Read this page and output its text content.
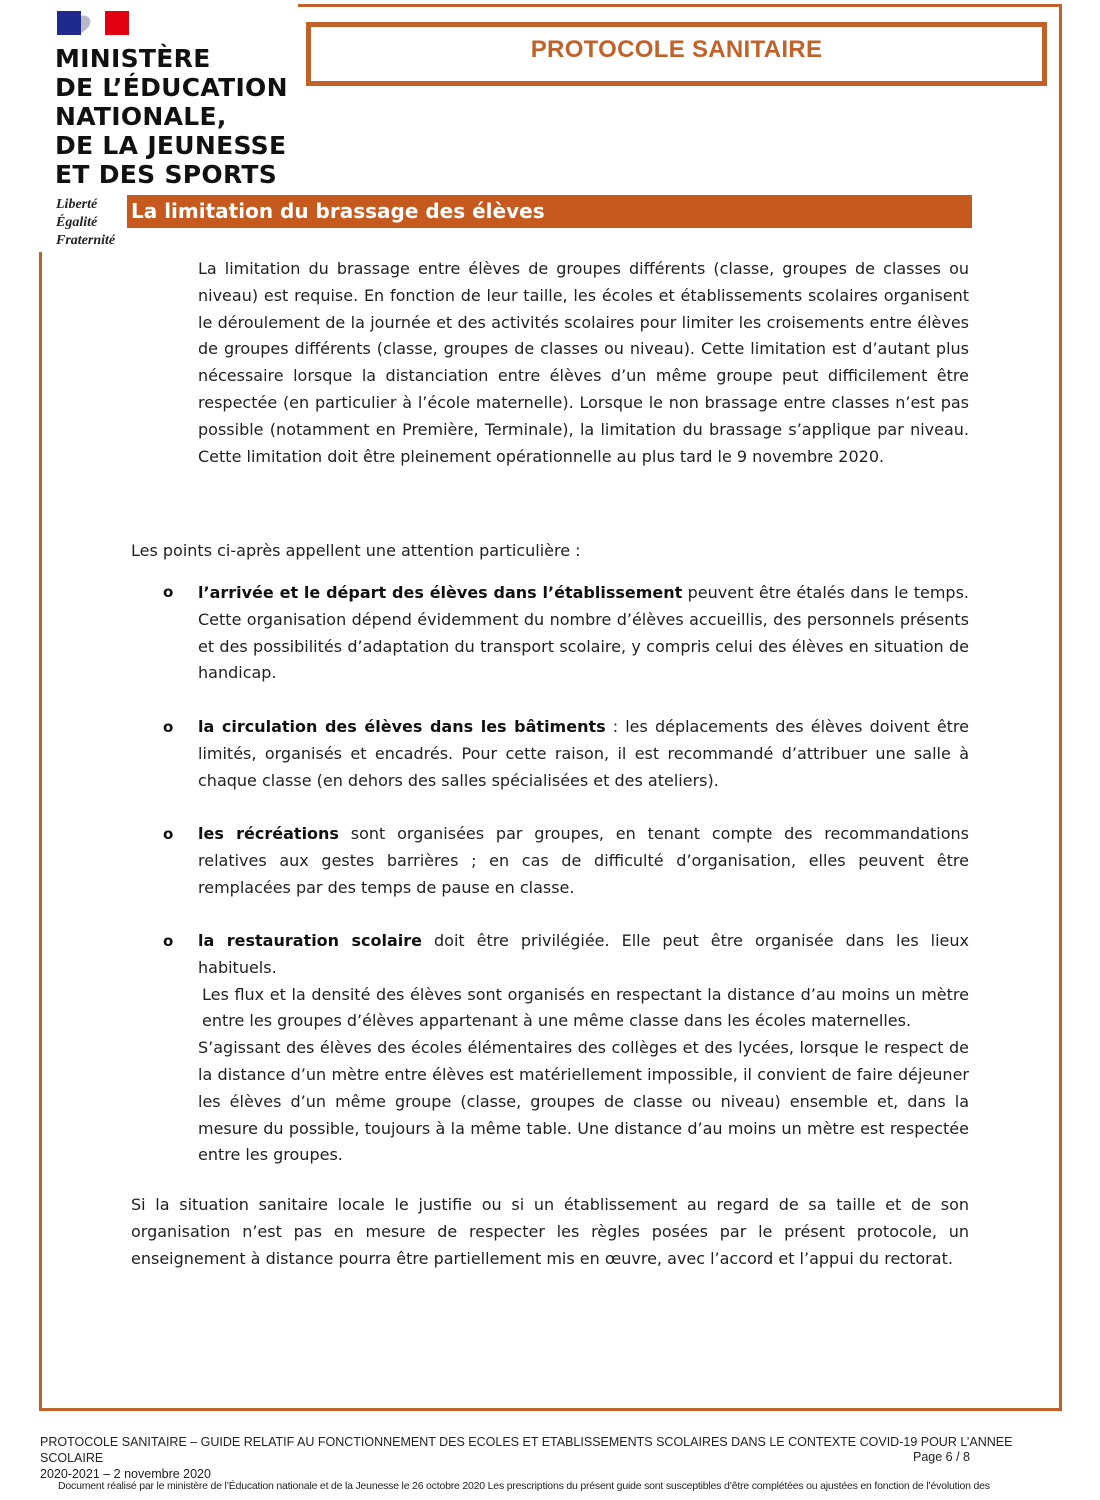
MINISTÈRE
DE L’ÉDUCATION
NATIONALE,
DE LA JEUNESSE
ET DES SPORTS
Liberté
Égalité
Fraternité
PROTOCOLE SANITAIRE
La limitation du brassage des élèves
La limitation du brassage entre élèves de groupes différents (classe, groupes de classes ou niveau) est requise. En fonction de leur taille, les écoles et établissements scolaires organisent le déroulement de la journée et des activités scolaires pour limiter les croisements entre élèves de groupes différents (classe, groupes de classes ou niveau). Cette limitation est d’autant plus nécessaire lorsque la distanciation entre élèves d’un même groupe peut difficilement être respectée (en particulier à l’école maternelle). Lorsque le non brassage entre classes n’est pas possible (notamment en Première, Terminale), la limitation du brassage s’applique par niveau. Cette limitation doit être pleinement opérationnelle au plus tard le 9 novembre 2020.
Les points ci-après appellent une attention particulière :
o l’arrivée et le départ des élèves dans l’établissement peuvent être étalés dans le temps. Cette organisation dépend évidemment du nombre d’élèves accueillis, des personnels présents et des possibilités d’adaptation du transport scolaire, y compris celui des élèves en situation de handicap.
o la circulation des élèves dans les bâtiments : les déplacements des élèves doivent être limités, organisés et encadrés. Pour cette raison, il est recommandé d’attribuer une salle à chaque classe (en dehors des salles spécialisées et des ateliers).
o les récréations sont organisées par groupes, en tenant compte des recommandations relatives aux gestes barrières ; en cas de difficulté d’organisation, elles peuvent être remplacées par des temps de pause en classe.
o la restauration scolaire doit être privilégiée. Elle peut être organisée dans les lieux habituels.
Les flux et la densité des élèves sont organisés en respectant la distance d’au moins un mètre entre les groupes d’élèves appartenant à une même classe dans les écoles maternelles.
S’agissant des élèves des écoles élémentaires des collèges et des lycées, lorsque le respect de la distance d’un mètre entre élèves est matériellement impossible, il convient de faire déjeuner les élèves d’un même groupe (classe, groupes de classe ou niveau) ensemble et, dans la mesure du possible, toujours à la même table. Une distance d’au moins un mètre est respectée entre les groupes.
Si la situation sanitaire locale le justifie ou si un établissement au regard de sa taille et de son organisation n’est pas en mesure de respecter les règles posées par le présent protocole, un enseignement à distance pourra être partiellement mis en œuvre, avec l’accord et l’appui du rectorat.
PROTOCOLE SANITAIRE – GUIDE RELATIF AU FONCTIONNEMENT DES ECOLES ET ETABLISSEMENTS SCOLAIRES DANS LE CONTEXTE COVID-19 POUR L’ANNEE SCOLAIRE
2020-2021 – 2 novembre 2020
Page 6 / 8
Document réalisé par le ministère de l’Éducation nationale et de la Jeunesse le 26 octobre 2020 Les prescriptions du présent guide sont susceptibles d’être complétées ou ajustées en fonction de l’évolution des
